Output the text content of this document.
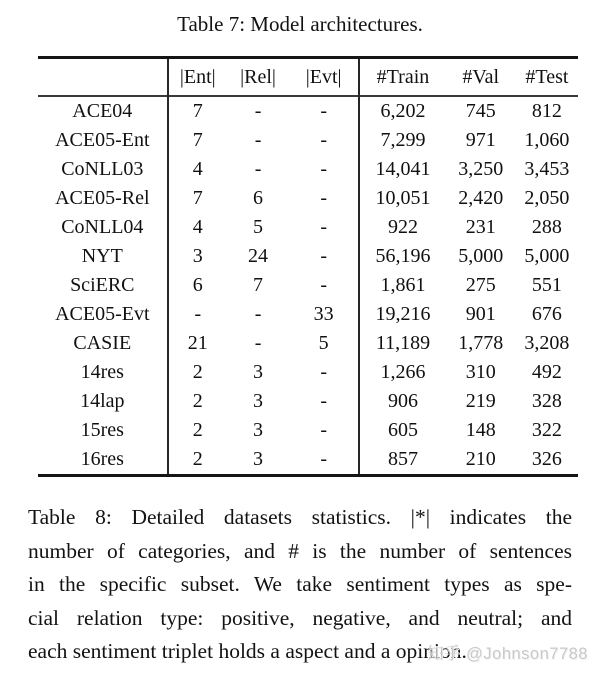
Table 7: Model architectures.
	|Ent|	|Rel|	|Evt|	#Train	#Val	#Test
ACE04	7	-	-	6,202	745	812
ACE05-Ent	7	-	-	7,299	971	1,060
CoNLL03	4	-	-	14,041	3,250	3,453
ACE05-Rel	7	6	-	10,051	2,420	2,050
CoNLL04	4	5	-	922	231	288
NYT	3	24	-	56,196	5,000	5,000
SciERC	6	7	-	1,861	275	551
ACE05-Evt	-	-	33	19,216	901	676
CASIE	21	-	5	11,189	1,778	3,208
14res	2	3	-	1,266	310	492
14lap	2	3	-	906	219	328
15res	2	3	-	605	148	322
16res	2	3	-	857	210	326
Table 8: Detailed datasets statistics. |*| indicates the
number of categories, and # is the number of sentences
in the specific subset. We take sentiment types as spe-
cial relation type: positive, negative, and neutral; and
each sentiment triplet holds a aspect and a opinion.
知乎 @Johnson7788
